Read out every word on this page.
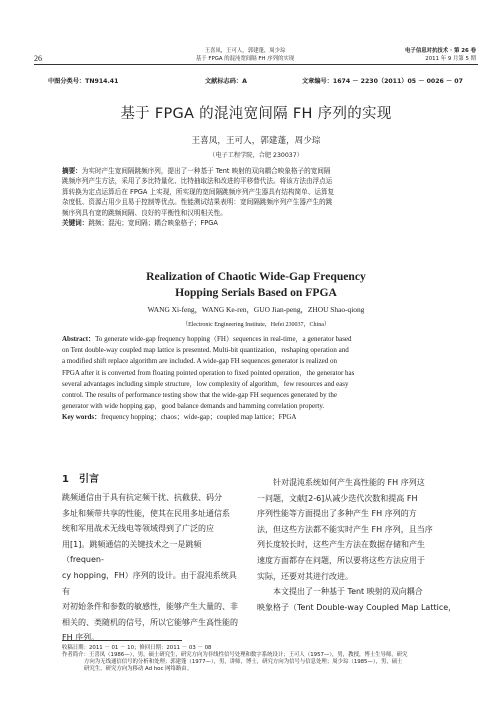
26
王喜凤，王可人，郭建蓬，周少琮
基于 FPGA 的混沌宽间隔 FH 序列的实现
电子信息对抗技术 · 第 26 卷
2011 年 9 月第 5 期
中图分类号：TN914.41	文献标志码：A	文章编号：1674 － 2230（2011）05 － 0026 － 07
基于 FPGA 的混沌宽间隔 FH 序列的实现
王喜凤，王可人，郭建蓬，周少琮
（电子工程学院，合肥 230037）
摘要：为实时产生宽间隔跳频序列，提出了一种基于 Tent 映射的双向耦合映象格子的宽间隔
跳频序列产生方法，采用了多比特量化、比特抽取法和改进的平移替代法。将该方法由浮点运
算转换为定点运算后在 FPGA 上实现，所实现的宽间隔跳频序列产生器具有结构简单、运算复
杂度低、资源占用少且易于控制等优点。性能测试结果表明：宽间隔跳频序列产生器产生的跳
频序列具有宽的跳频间隔、良好的平衡性和汉明相关性。
关键词：跳频；混沌；宽间隔；耦合映象格子；FPGA
Realization of Chaotic Wide-Gap Frequency
Hopping Serials Based on FPGA
WANG Xi-feng，WANG Ke-ren，GUO Jian-peng，ZHOU Shao-qiong
（Electronic Engineering Institute，Hefei 230037，China）
Abstract：To generate wide-gap frequency hopping（FH）sequences in real-time，a generator based
on Tent double-way coupled map lattice is presented. Multi-bit quantization，reshaping operation and
a modified shift replace algorithm are included. A wide-gap FH sequences generator is realized on
FPGA after it is converted from floating pointed operation to fixed pointed operation，the generator has
several advantages including simple structure，low complexity of algorithm，few resources and easy
control. The results of performance testing show that the wide-gap FH sequences generated by the
generator with wide hopping gap，good balance demands and hamming correlation property.
Key words：frequency hopping；chaos；wide-gap；coupled map lattice；FPGA
1 引言
跳频通信由于具有抗定频干扰、抗截获、码分
多址和频带共享的性能，使其在民用多址通信系
统和军用战术无线电等领域得到了广泛的应
用[1]。跳频通信的关键技术之一是跳频（frequen-
cy hopping，FH）序列的设计。由于混沌系统具有
对初始条件和参数的敏感性，能够产生大量的、非
相关的、类随机的信号，所以它能够产生高性能的
FH 序列。
针对混沌系统如何产生高性能的 FH 序列这
一问题，文献[2-6]从减少迭代次数和提高 FH
序列性能等方面提出了多种产生 FH 序列的方
法，但这些方法都不能实时产生 FH 序列，且当序
列长度较长时，这些产生方法在数据存储和产生
速度方面都存在问题，所以要将这些方法应用于
实际，还要对其进行改进。
本文提出了一种基于 Tent 映射的双向耦合
映象格子（Tent Double-way Coupled Map Lattice，
收稿日期：2011 － 01 － 10；修回日期：2011 － 03 － 08
作者简介：王喜凤（1986—），男，硕士研究生，研究方向为非线性信号处理和数字系统设计；王可人（1957—），男，教授，博士生导师，研究
方向为无线通信信号的分析和处理；郭建蓬（1977—），男，讲师，博士，研究方向为信号与信息处理；周少琮（1985—），男，硕士
研究生，研究方向为移动 Ad hoc 网络路由。
